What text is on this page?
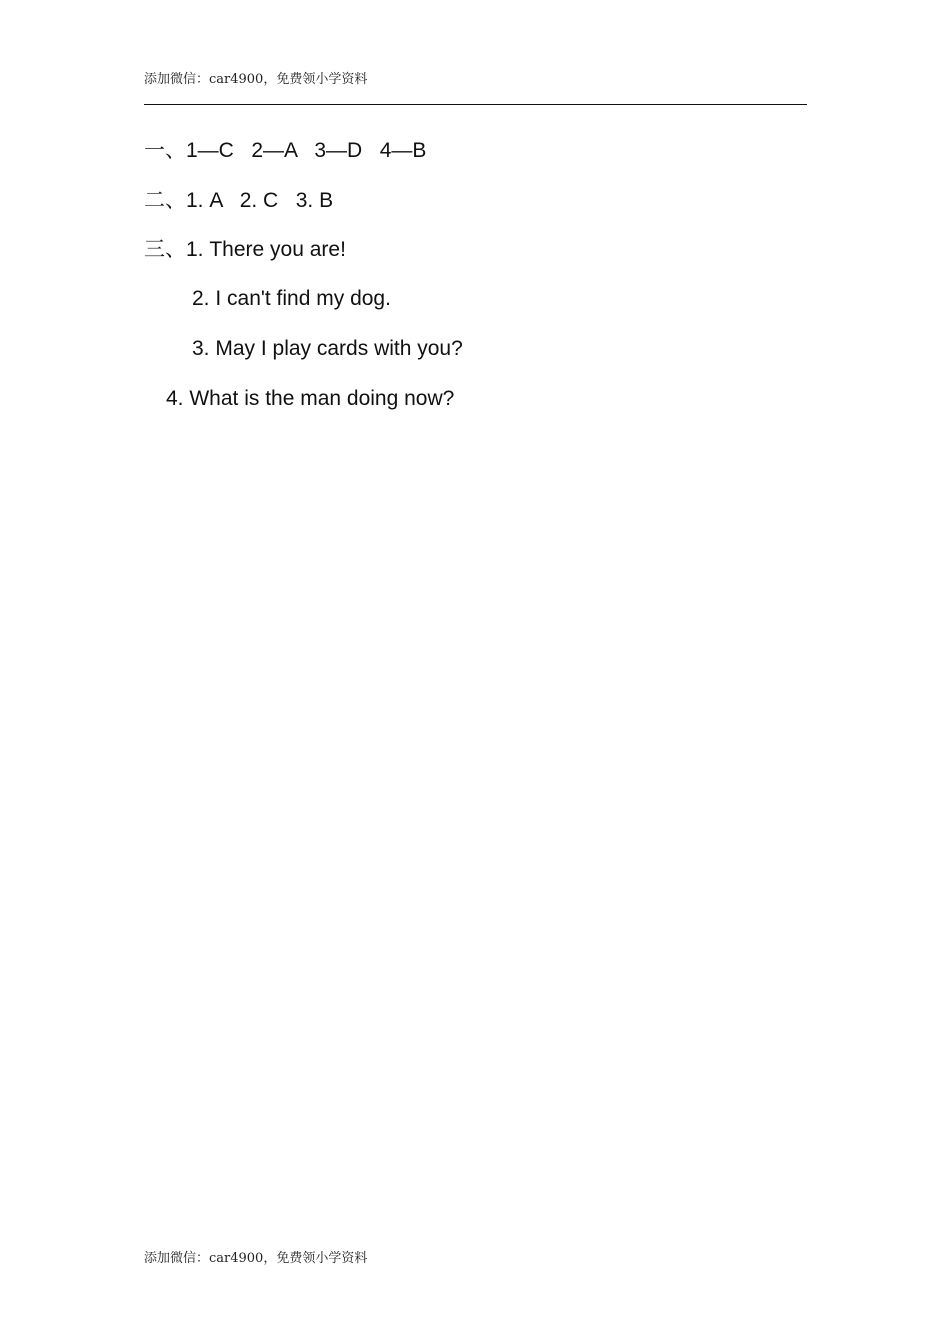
添加微信：car4900，免费领小学资料
一、1—C   2—A   3—D   4—B
二、1. A   2. C   3. B
三、1. There you are!
2. I can't find my dog.
3. May I play cards with you?
4. What is the man doing now?
添加微信：car4900，免费领小学资料
